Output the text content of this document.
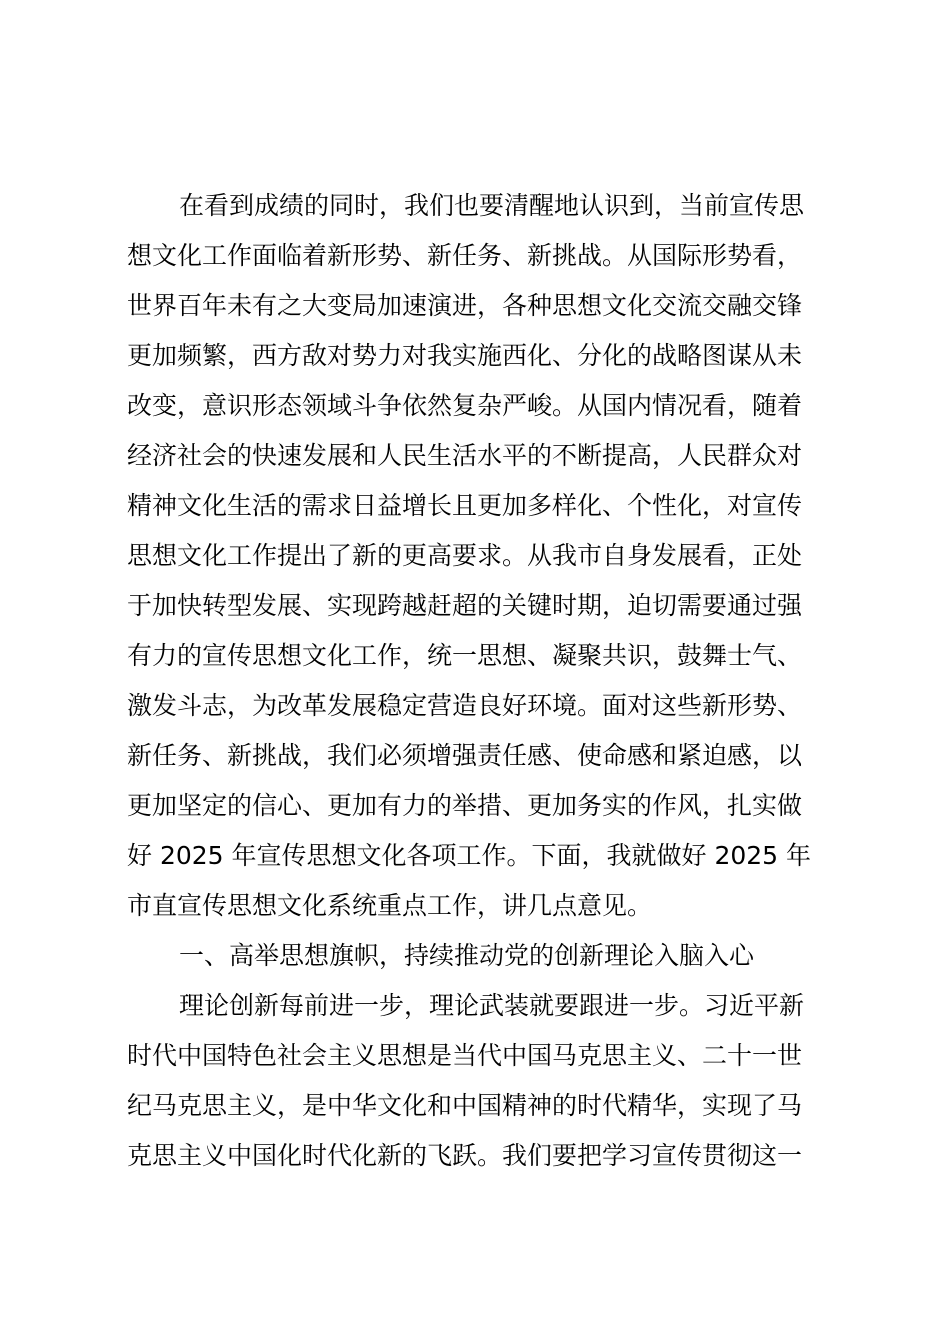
在看到成绩的同时，我们也要清醒地认识到，当前宣传思
想文化工作面临着新形势、新任务、新挑战。从国际形势看，
世界百年未有之大变局加速演进，各种思想文化交流交融交锋
更加频繁，西方敌对势力对我实施西化、分化的战略图谋从未
改变，意识形态领域斗争依然复杂严峻。从国内情况看，随着
经济社会的快速发展和人民生活水平的不断提高，人民群众对
精神文化生活的需求日益增长且更加多样化、个性化，对宣传
思想文化工作提出了新的更高要求。从我市自身发展看，正处
于加快转型发展、实现跨越赶超的关键时期，迫切需要通过强
有力的宣传思想文化工作，统一思想、凝聚共识，鼓舞士气、
激发斗志，为改革发展稳定营造良好环境。面对这些新形势、
新任务、新挑战，我们必须增强责任感、使命感和紧迫感，以
更加坚定的信心、更加有力的举措、更加务实的作风，扎实做
好 2025 年宣传思想文化各项工作。下面，我就做好 2025 年
市直宣传思想文化系统重点工作，讲几点意见。
一、高举思想旗帜，持续推动党的创新理论入脑入心
理论创新每前进一步，理论武装就要跟进一步。习近平新
时代中国特色社会主义思想是当代中国马克思主义、二十一世
纪马克思主义，是中华文化和中国精神的时代精华，实现了马
克思主义中国化时代化新的飞跃。我们要把学习宣传贯彻这一
